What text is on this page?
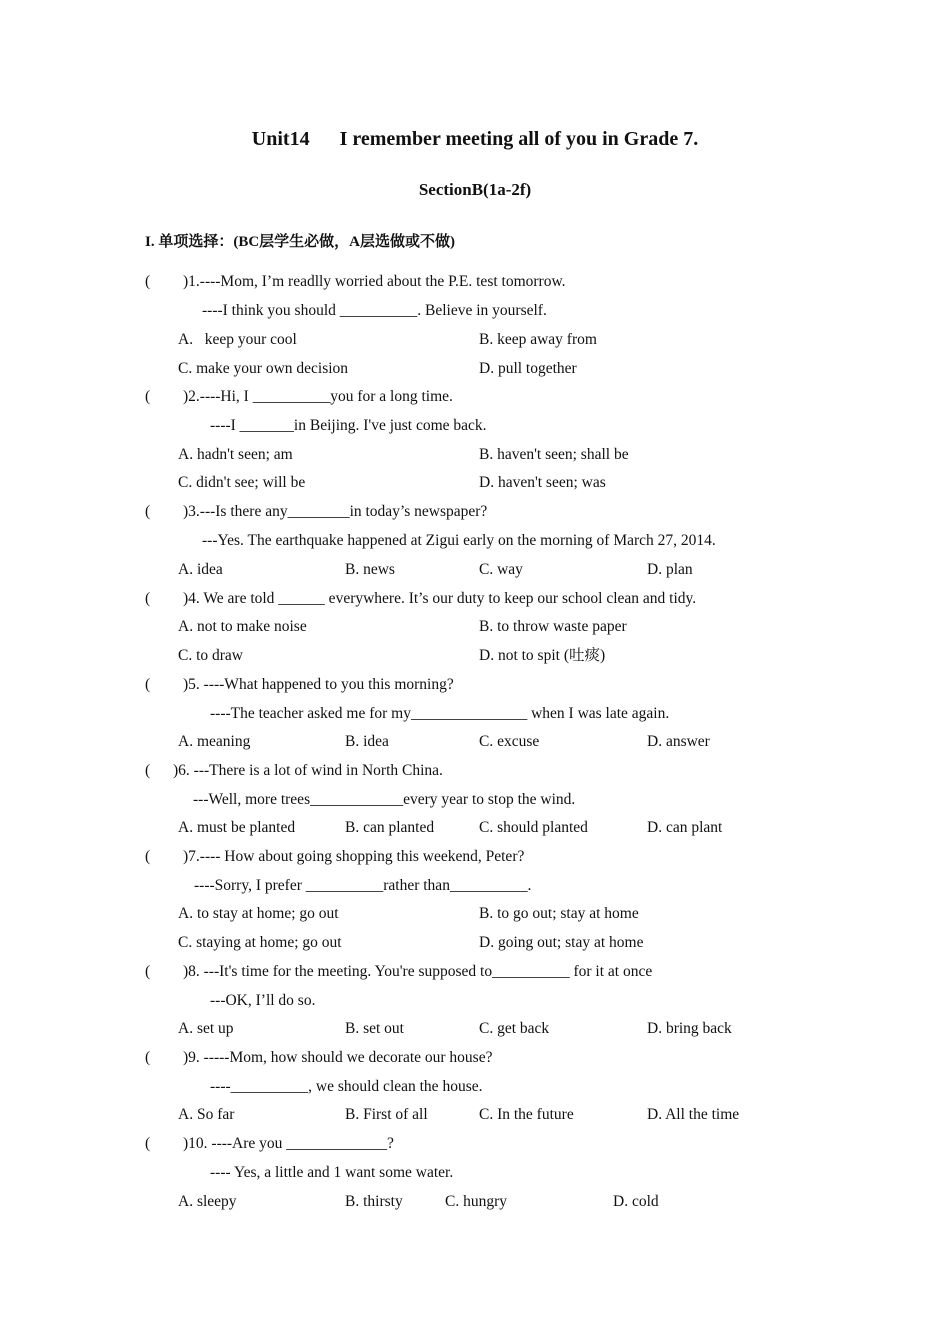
Unit14      I remember meeting all of you in Grade 7.
SectionB(1a-2f)
I. 单项选择：(BC层学生必做，A层选做或不做)
( )1.----Mom, I’m readlly worried about the P.E. test tomorrow.
----I think you should __________. Believe in yourself.
A.   keep your cool	B. keep away from
C. make your own decision	D. pull together
( )2.----Hi, I __________you for a long time.
----I _______in Beijing. I've just come back.
A. hadn't seen; am	B. haven't seen; shall be
C. didn't see; will be	D. haven't seen; was
( )3.---Is there any________in today’s newspaper?
---Yes. The earthquake happened at Zigui early on the morning of March 27, 2014.
A. idea	B. news	C. way	D. plan
( )4. We are told ______ everywhere. It’s our duty to keep our school clean and tidy.
A. not to make noise	B. to throw waste paper
C. to draw	D. not to spit (吐痰)
( )5. ----What happened to you this morning?
----The teacher asked me for my_______________ when I was late again.
A. meaning	B. idea	C. excuse	D. answer
( )6. ---There is a lot of wind in North China.
---Well, more trees____________every year to stop the wind.
A. must be planted	B. can planted	C. should planted	D. can plant
( )7.---- How about going shopping this weekend, Peter?
----Sorry, I prefer __________rather than__________.
A. to stay at home; go out	B. to go out; stay at home
C. staying at home; go out	D. going out; stay at home
( )8. ---It's time for the meeting. You're supposed to__________ for it at once
---OK, I’ll do so.
A. set up	B. set out	C. get back	D. bring back
( )9. -----Mom, how should we decorate our house?
----__________, we should clean the house.
A. So far	B. First of all	C. In the future	D. All the time
( )10. ----Are you _____________?
---- Yes, a little and 1 want some water.
A. sleepy	B. thirsty	C. hungry	D. cold
